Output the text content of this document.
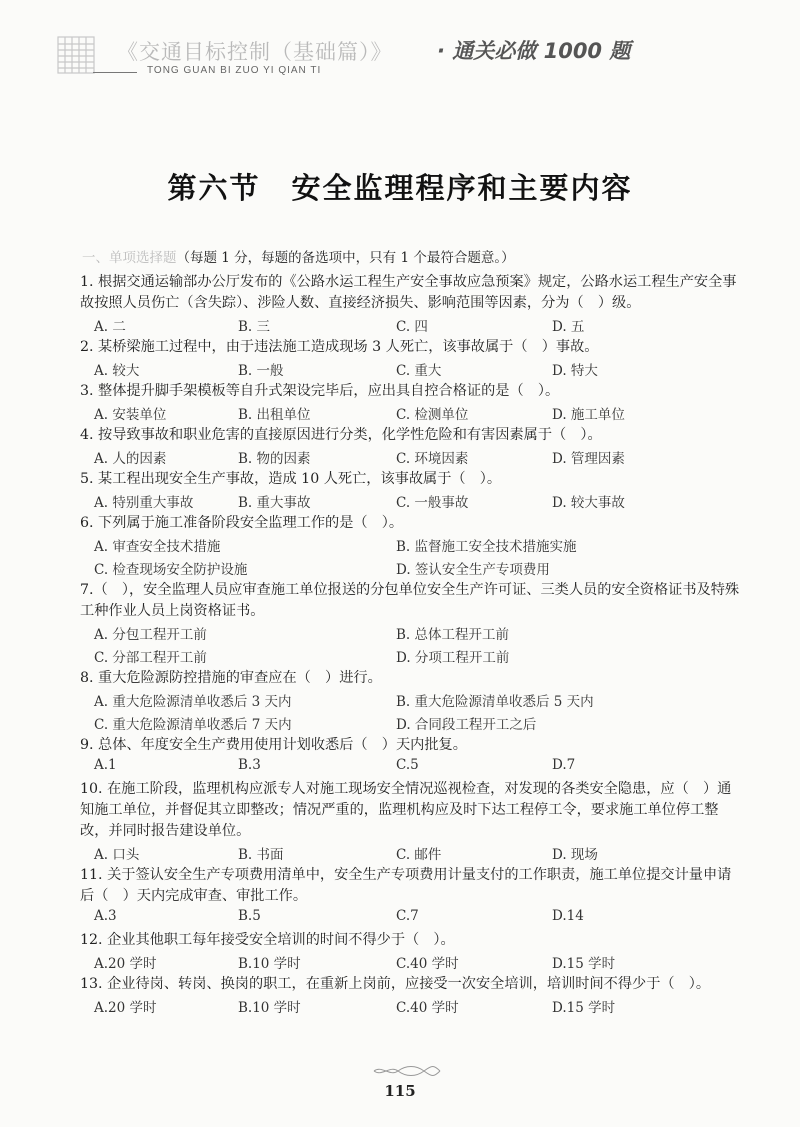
《交通目标控制（基础篇）》 · 通关必做 1000 题
TONG GUAN BI ZUO YI QIAN TI
第六节　安全监理程序和主要内容
一、单项选择题（每题 1 分，每题的备选项中，只有 1 个最符合题意。）

1. 根据交通运输部办公厅发布的《公路水运工程生产安全事故应急预案》规定，公路水运工程生产安全事故按照人员伤亡（含失踪）、涉险人数、直接经济损失、影响范围等因素，分为（　）级。

A. 二	B. 三	C. 四	D. 五

2. 某桥梁施工过程中，由于违法施工造成现场 3 人死亡，该事故属于（　）事故。

A. 较大	B. 一般	C. 重大	D. 特大

3. 整体提升脚手架模板等自升式架设完毕后，应出具自控合格证的是（　）。

A. 安装单位	B. 出租单位	C. 检测单位	D. 施工单位

4. 按导致事故和职业危害的直接原因进行分类，化学性危险和有害因素属于（　）。

A. 人的因素	B. 物的因素	C. 环境因素	D. 管理因素

5. 某工程出现安全生产事故，造成 10 人死亡，该事故属于（　）。

A. 特别重大事故	B. 重大事故	C. 一般事故	D. 较大事故

6. 下列属于施工准备阶段安全监理工作的是（　）。

A. 审查安全技术措施	B. 监督施工安全技术措施实施
C. 检查现场安全防护设施	D. 签认安全生产专项费用

7.（　），安全监理人员应审查施工单位报送的分包单位安全生产许可证、三类人员的安全资格证书及特殊工种作业人员上岗资格证书。

A. 分包工程开工前	B. 总体工程开工前
C. 分部工程开工前	D. 分项工程开工前

8. 重大危险源防控措施的审查应在（　）进行。

A. 重大危险源清单收悉后 3 天内	B. 重大危险源清单收悉后 5 天内
C. 重大危险源清单收悉后 7 天内	D. 合同段工程开工之后

9. 总体、年度安全生产费用使用计划收悉后（　）天内批复。

A.1	B.3	C.5	D.7

10. 在施工阶段，监理机构应派专人对施工现场安全情况巡视检查，对发现的各类安全隐患，应（　）通知施工单位，并督促其立即整改；情况严重的，监理机构应及时下达工程停工令，要求施工单位停工整改，并同时报告建设单位。

A. 口头	B. 书面	C. 邮件	D. 现场

11. 关于签认安全生产专项费用清单中，安全生产专项费用计量支付的工作职责，施工单位提交计量申请后（　）天内完成审查、审批工作。

A.3	B.5	C.7	D.14

12. 企业其他职工每年接受安全培训的时间不得少于（　）。

A.20 学时	B.10 学时	C.40 学时	D.15 学时

13. 企业待岗、转岗、换岗的职工，在重新上岗前，应接受一次安全培训，培训时间不得少于（　）。

A.20 学时	B.10 学时	C.40 学时	D.15 学时
115
